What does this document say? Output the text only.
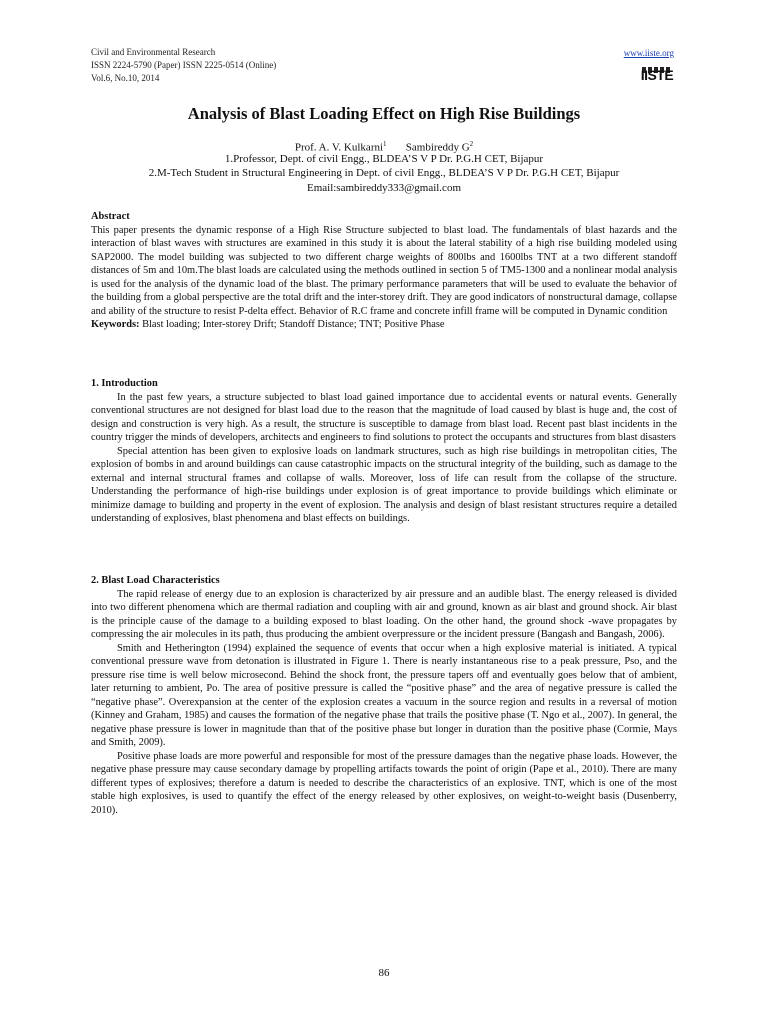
Civil and Environmental Research
ISSN 2224-5790 (Paper) ISSN 2225-0514 (Online)
Vol.6, No.10, 2014
www.iiste.org
IISTE
Analysis of Blast Loading Effect on High Rise Buildings
Prof. A. V. Kulkarni$^1$ Sambireddy $G^2$
1.Professor, Dept. of civil Engg., BLDEA’S V P Dr. P.G.H CET, Bijapur
2.M-Tech Student in Structural Engineering in Dept. of civil Engg., BLDEA’S V P Dr. P.G.H CET, Bijapur
Email:sambireddy333@gmail.com

Abstract

This paper presents the dynamic response of a High Rise Structure subjected to blast load. The fundamentals of blast hazards and the interaction of blast waves with structures are examined in this study it is about the lateral stability of a high rise building modeled using SAP2000. The model building was subjected to two different charge weights of 800lbs and 1600lbs TNT at a two different standoff distances of 5m and 10m.The blast loads are calculated using the methods outlined in section 5 of TM5-1300 and a nonlinear modal analysis is used for the analysis of the dynamic load of the blast. The primary performance parameters that will be used to evaluate the behavior of the building from a global perspective are the total drift and the inter-storey drift. They are good indicators of nonstructural damage, collapse and ability of the structure to resist P-delta effect. Behavior of R.C frame and concrete infill frame will be computed in Dynamic condition

Keywords: Blast loading; Inter-storey Drift; Standoff Distance; TNT; Positive Phase

1. Introduction

In the past few years, a structure subjected to blast load gained importance due to accidental events or natural events. Generally conventional structures are not designed for blast load due to the reason that the magnitude of load caused by blast is huge and, the cost of design and construction is very high. As a result, the structure is susceptible to damage from blast load. Recent past blast incidents in the country trigger the minds of developers, architects and engineers to find solutions to protect the occupants and structures from blast disasters

Special attention has been given to explosive loads on landmark structures, such as high rise buildings in metropolitan cities, The explosion of bombs in and around buildings can cause catastrophic impacts on the structural integrity of the building, such as damage to the external and internal structural frames and collapse of walls. Moreover, loss of life can result from the collapse of the structure. Understanding the performance of high-rise buildings under explosion is of great importance to provide buildings which eliminate or minimize damage to building and property in the event of explosion. The analysis and design of blast resistant structures require a detailed understanding of explosives, blast phenomena and blast effects on buildings.

2. Blast Load Characteristics

The rapid release of energy due to an explosion is characterized by air pressure and an audible blast. The energy released is divided into two different phenomena which are thermal radiation and coupling with air and ground, known as air blast and ground shock. Air blast is the principle cause of the damage to a building exposed to blast loading. On the other hand, the ground shock -wave propagates by compressing the air molecules in its path, thus producing the ambient overpressure or the incident pressure (Bangash and Bangash, 2006).

Smith and Hetherington (1994) explained the sequence of events that occur when a high explosive material is initiated. A typical conventional pressure wave from detonation is illustrated in Figure 1. There is nearly instantaneous rise to a peak pressure, Pso, and the pressure rise time is well below microsecond. Behind the shock front, the pressure tapers off and eventually goes below that of ambient, later returning to ambient, Po. The area of positive pressure is called the “positive phase” and the area of negative pressure is called the “negative phase”. Overexpansion at the center of the explosion creates a vacuum in the source region and results in a reversal of motion (Kinney and Graham, 1985) and causes the formation of the negative phase that trails the positive phase (T. Ngo et al., 2007). In general, the negative phase pressure is lower in magnitude than that of the positive phase but longer in duration than the positive phase (Cormie, Mays and Smith, 2009).

Positive phase loads are more powerful and responsible for most of the pressure damages than the negative phase loads. However, the negative phase pressure may cause secondary damage by propelling artifacts towards the point of origin (Pape et al., 2010). There are many different types of explosives; therefore a datum is needed to describe the characteristics of an explosive. TNT, which is one of the most stable high explosives, is used to quantify the effect of the energy released by other explosives, on weight-to-weight basis (Dusenberry, 2010).

86
